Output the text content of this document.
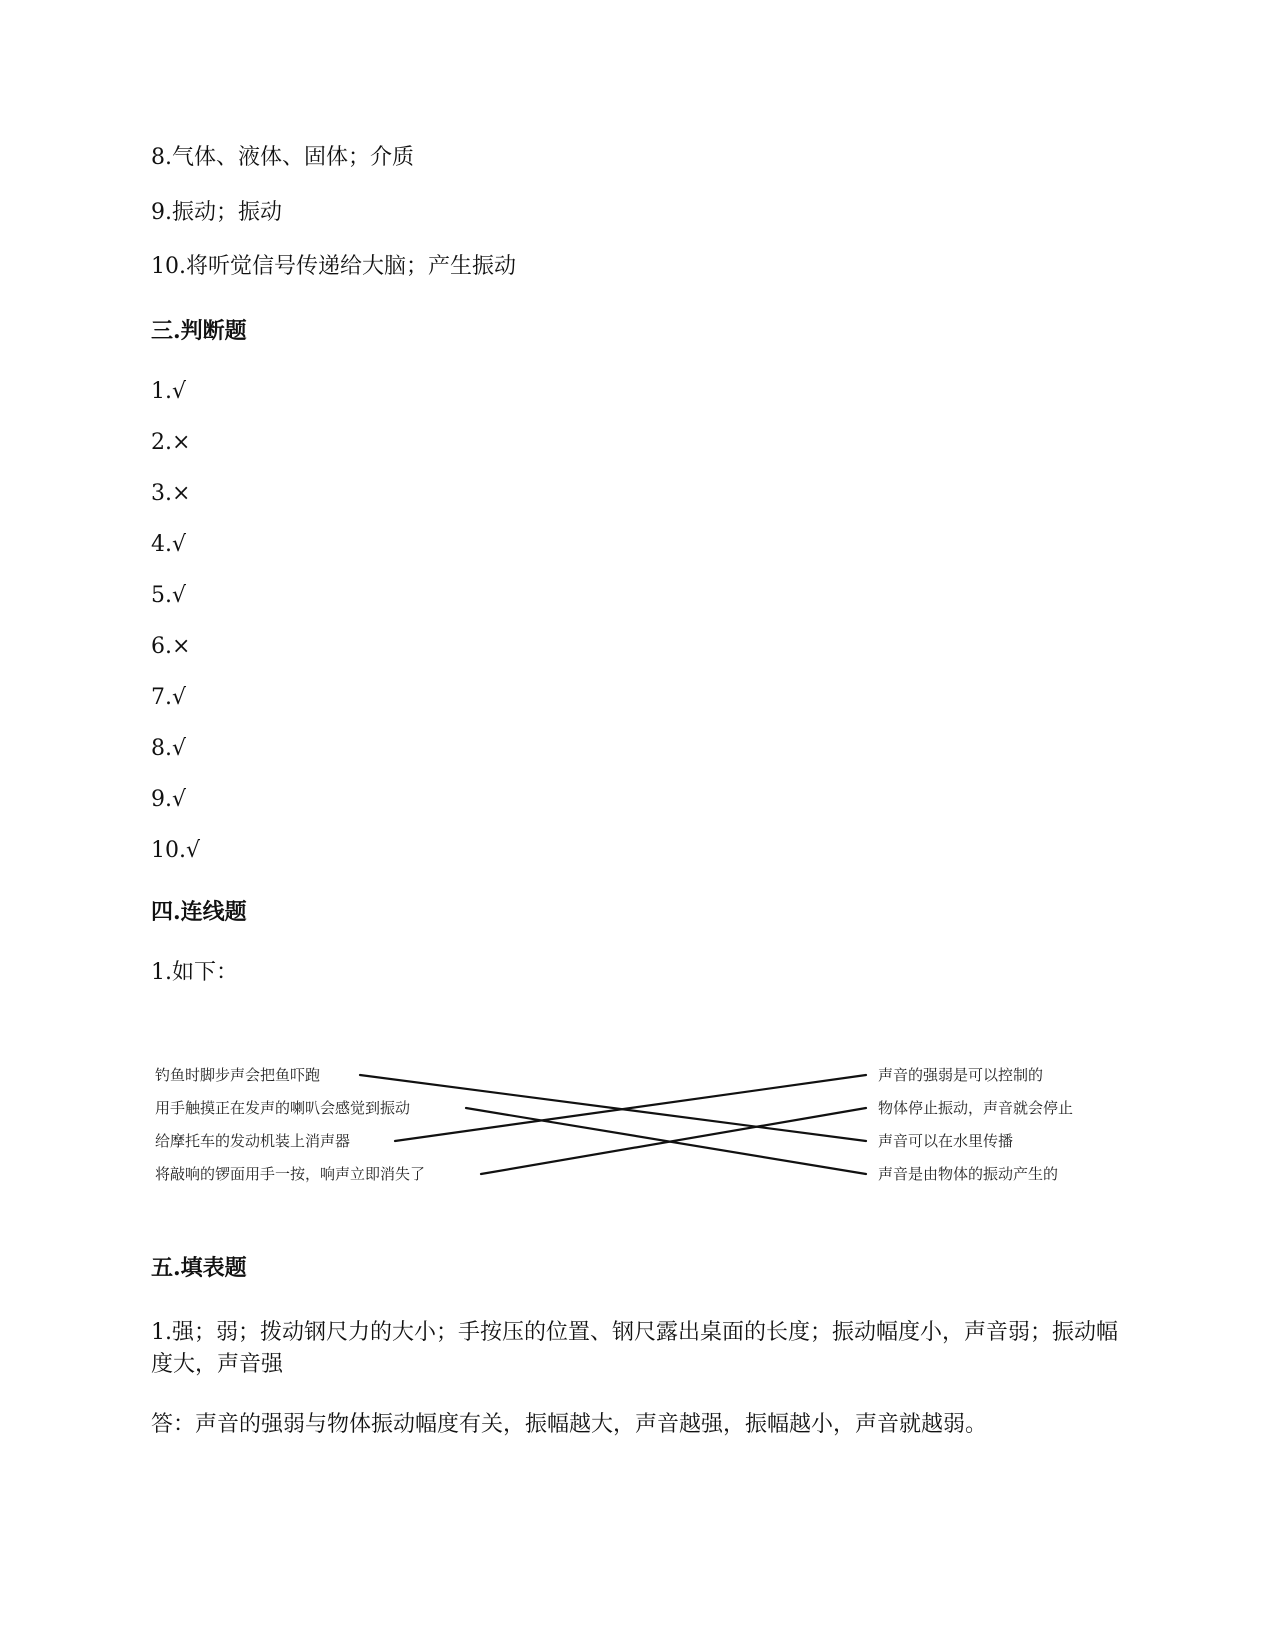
8.气体、液体、固体；介质
9.振动；振动
10.将听觉信号传递给大脑；产生振动
三.判断题
1.√
2.×
3.×
4.√
5.√
6.×
7.√
8.√
9.√
10.√
四.连线题
1.如下：
钓鱼时脚步声会把鱼吓跑
用手触摸正在发声的喇叭会感觉到振动
给摩托车的发动机装上消声器
将敲响的锣面用手一按，响声立即消失了
声音的强弱是可以控制的
物体停止振动，声音就会停止
声音可以在水里传播
声音是由物体的振动产生的
五.填表题
1.强；弱；拨动钢尺力的大小；手按压的位置、钢尺露出桌面的长度；振动幅度小，声音弱；振动幅度大，声音强
答：声音的强弱与物体振动幅度有关，振幅越大，声音越强，振幅越小，声音就越弱。
